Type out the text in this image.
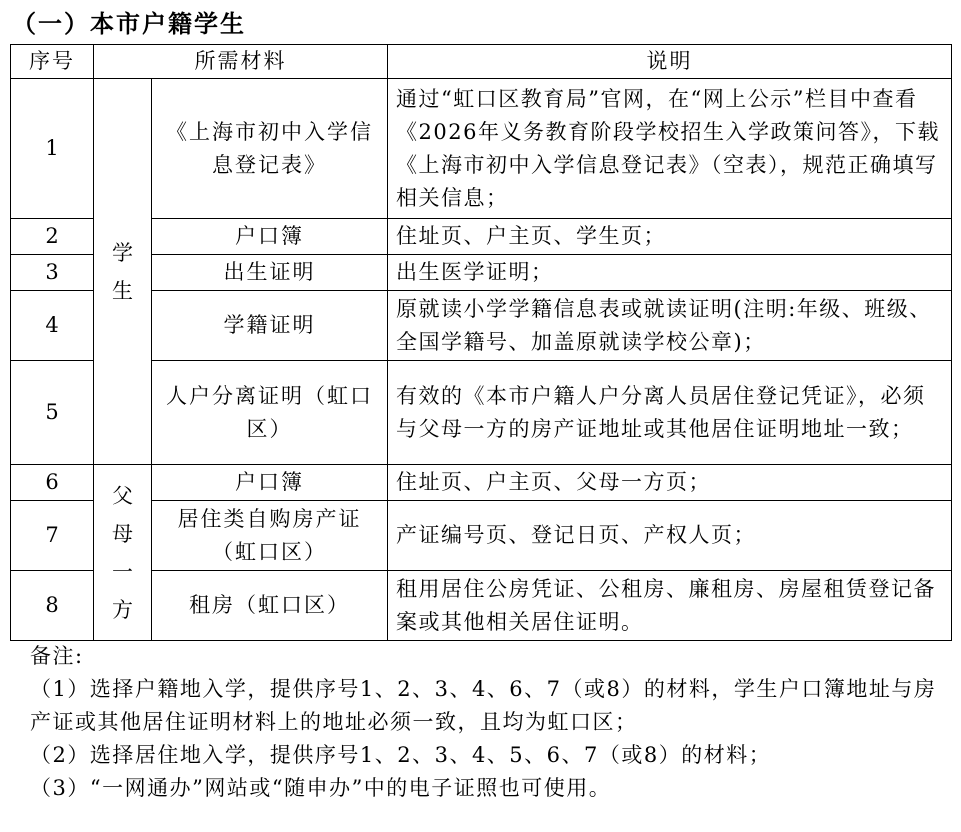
（一）本市户籍学生
序号	所需材料		说明
1	学生	《上海市初中入学信息登记表》	通过“虹口区教育局”官网，在“网上公示”栏目中查看《2026年义务教育阶段学校招生入学政策问答》，下载《上海市初中入学信息登记表》（空表），规范正确填写相关信息；
2		户口簿	住址页、户主页、学生页；
3		出生证明	出生医学证明；
4		学籍证明	原就读小学学籍信息表或就读证明(注明:年级、班级、全国学籍号、加盖原就读学校公章)；
5		人户分离证明（虹口区）	有效的《本市户籍人户分离人员居住登记凭证》，必须与父母一方的房产证地址或其他居住证明地址一致；
6	父母一方	户口簿	住址页、户主页、父母一方页；
7		居住类自购房产证（虹口区）	产证编号页、登记日页、产权人页；
8		租房（虹口区）	租用居住公房凭证、公租房、廉租房、房屋租赁登记备案或其他相关居住证明。
备注:
（1）选择户籍地入学，提供序号1、2、3、4、6、7（或8）的材料，学生户口簿地址与房产证或其他居住证明材料上的地址必须一致，且均为虹口区；
（2）选择居住地入学，提供序号1、2、3、4、5、6、7（或8）的材料；
（3）“一网通办”网站或“随申办”中的电子证照也可使用。
